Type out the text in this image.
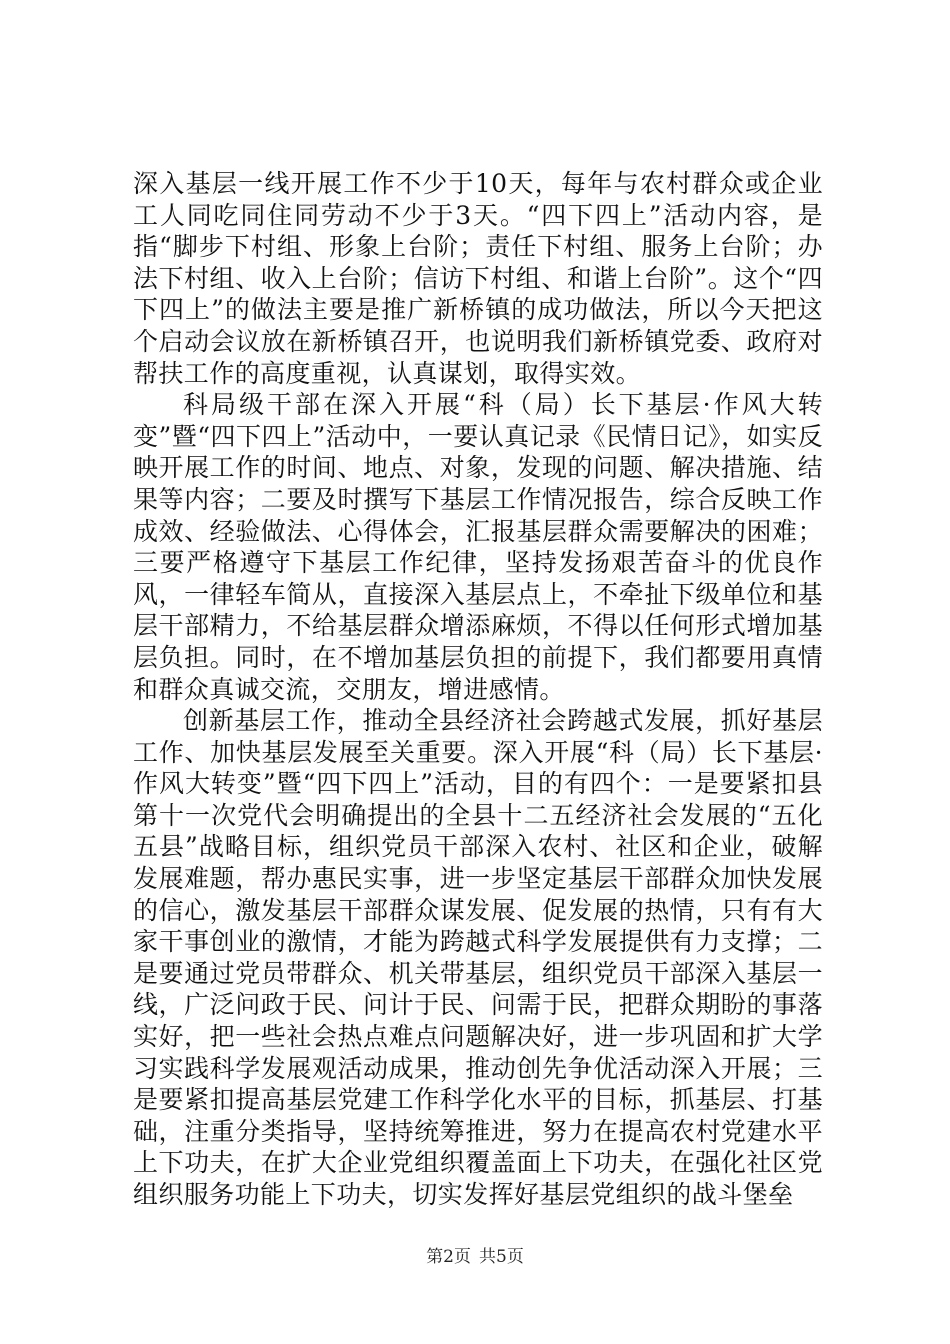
深入基层一线开展工作不少于10天，每年与农村群众或企业工人同吃同住同劳动不少于3天。“四下四上”活动内容，是指“脚步下村组、形象上台阶；责任下村组、服务上台阶；办法下村组、收入上台阶；信访下村组、和谐上台阶”。这个“四下四上”的做法主要是推广新桥镇的成功做法，所以今天把这个启动会议放在新桥镇召开，也说明我们新桥镇党委、政府对帮扶工作的高度重视，认真谋划，取得实效。

科局级干部在深入开展“科（局）长下基层·作风大转变”暨“四下四上”活动中，一要认真记录《民情日记》，如实反映开展工作的时间、地点、对象，发现的问题、解决措施、结果等内容；二要及时撰写下基层工作情况报告，综合反映工作成效、经验做法、心得体会，汇报基层群众需要解决的困难；三要严格遵守下基层工作纪律，坚持发扬艰苦奋斗的优良作风，一律轻车简从，直接深入基层点上，不牵扯下级单位和基层干部精力，不给基层群众增添麻烦，不得以任何形式增加基层负担。同时，在不增加基层负担的前提下，我们都要用真情和群众真诚交流，交朋友，增进感情。

创新基层工作，推动全县经济社会跨越式发展，抓好基层工作、加快基层发展至关重要。深入开展“科（局）长下基层·作风大转变”暨“四下四上”活动，目的有四个：一是要紧扣县第十一次党代会明确提出的全县十二五经济社会发展的“五化五县”战略目标，组织党员干部深入农村、社区和企业，破解发展难题，帮办惠民实事，进一步坚定基层干部群众加快发展的信心，激发基层干部群众谋发展、促发展的热情，只有有大家干事创业的激情，才能为跨越式科学发展提供有力支撑；二是要通过党员带群众、机关带基层，组织党员干部深入基层一线，广泛问政于民、问计于民、问需于民，把群众期盼的事落实好，把一些社会热点难点问题解决好，进一步巩固和扩大学习实践科学发展观活动成果，推动创先争优活动深入开展；三是要紧扣提高基层党建工作科学化水平的目标，抓基层、打基础，注重分类指导，坚持统筹推进，努力在提高农村党建水平上下功夫，在扩大企业党组织覆盖面上下功夫，在强化社区党组织服务功能上下功夫，切实发挥好基层党组织的战斗堡垒

第2页 共5页
